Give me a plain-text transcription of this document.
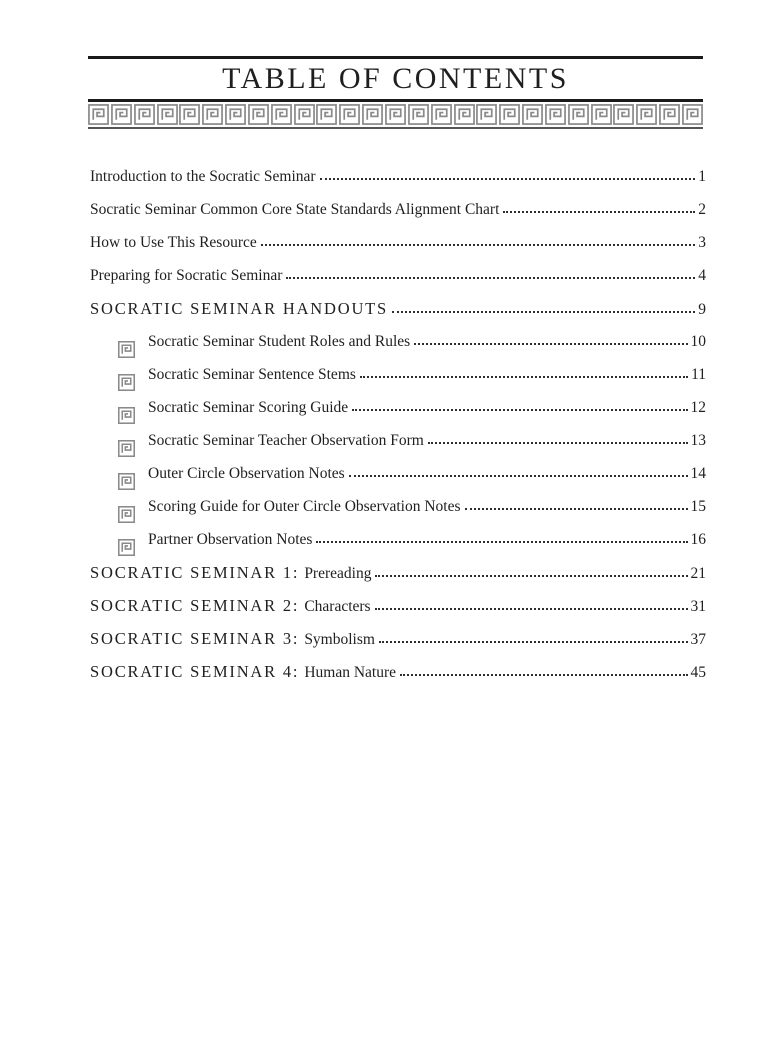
TABLE OF CONTENTS
Introduction to the Socratic Seminar	1
Socratic Seminar Common Core State Standards Alignment Chart	2
How to Use This Resource	3
Preparing for Socratic Seminar	4
SOCRATIC SEMINAR HANDOUTS	9
Socratic Seminar Student Roles and Rules	10
Socratic Seminar Sentence Stems	11
Socratic Seminar Scoring Guide	12
Socratic Seminar Teacher Observation Form	13
Outer Circle Observation Notes	14
Scoring Guide for Outer Circle Observation Notes	15
Partner Observation Notes	16
SOCRATIC SEMINAR 1: Prereading	21
SOCRATIC SEMINAR 2: Characters	31
SOCRATIC SEMINAR 3: Symbolism	37
SOCRATIC SEMINAR 4: Human Nature	45
